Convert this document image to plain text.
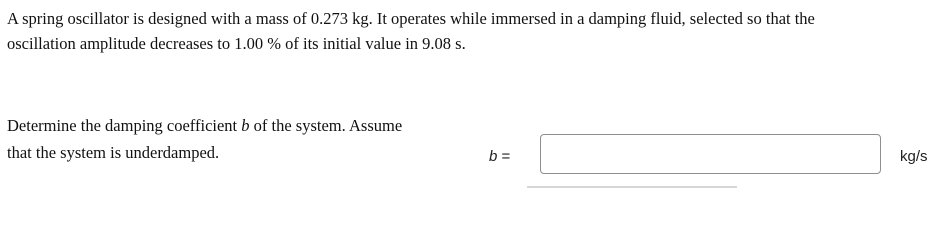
A spring oscillator is designed with a mass of 0.273 kg. It operates while immersed in a damping fluid, selected so that the
oscillation amplitude decreases to 1.00 % of its initial value in 9.08 s.
Determine the damping coefficient b of the system. Assume
that the system is underdamped.	b =	kg/s
